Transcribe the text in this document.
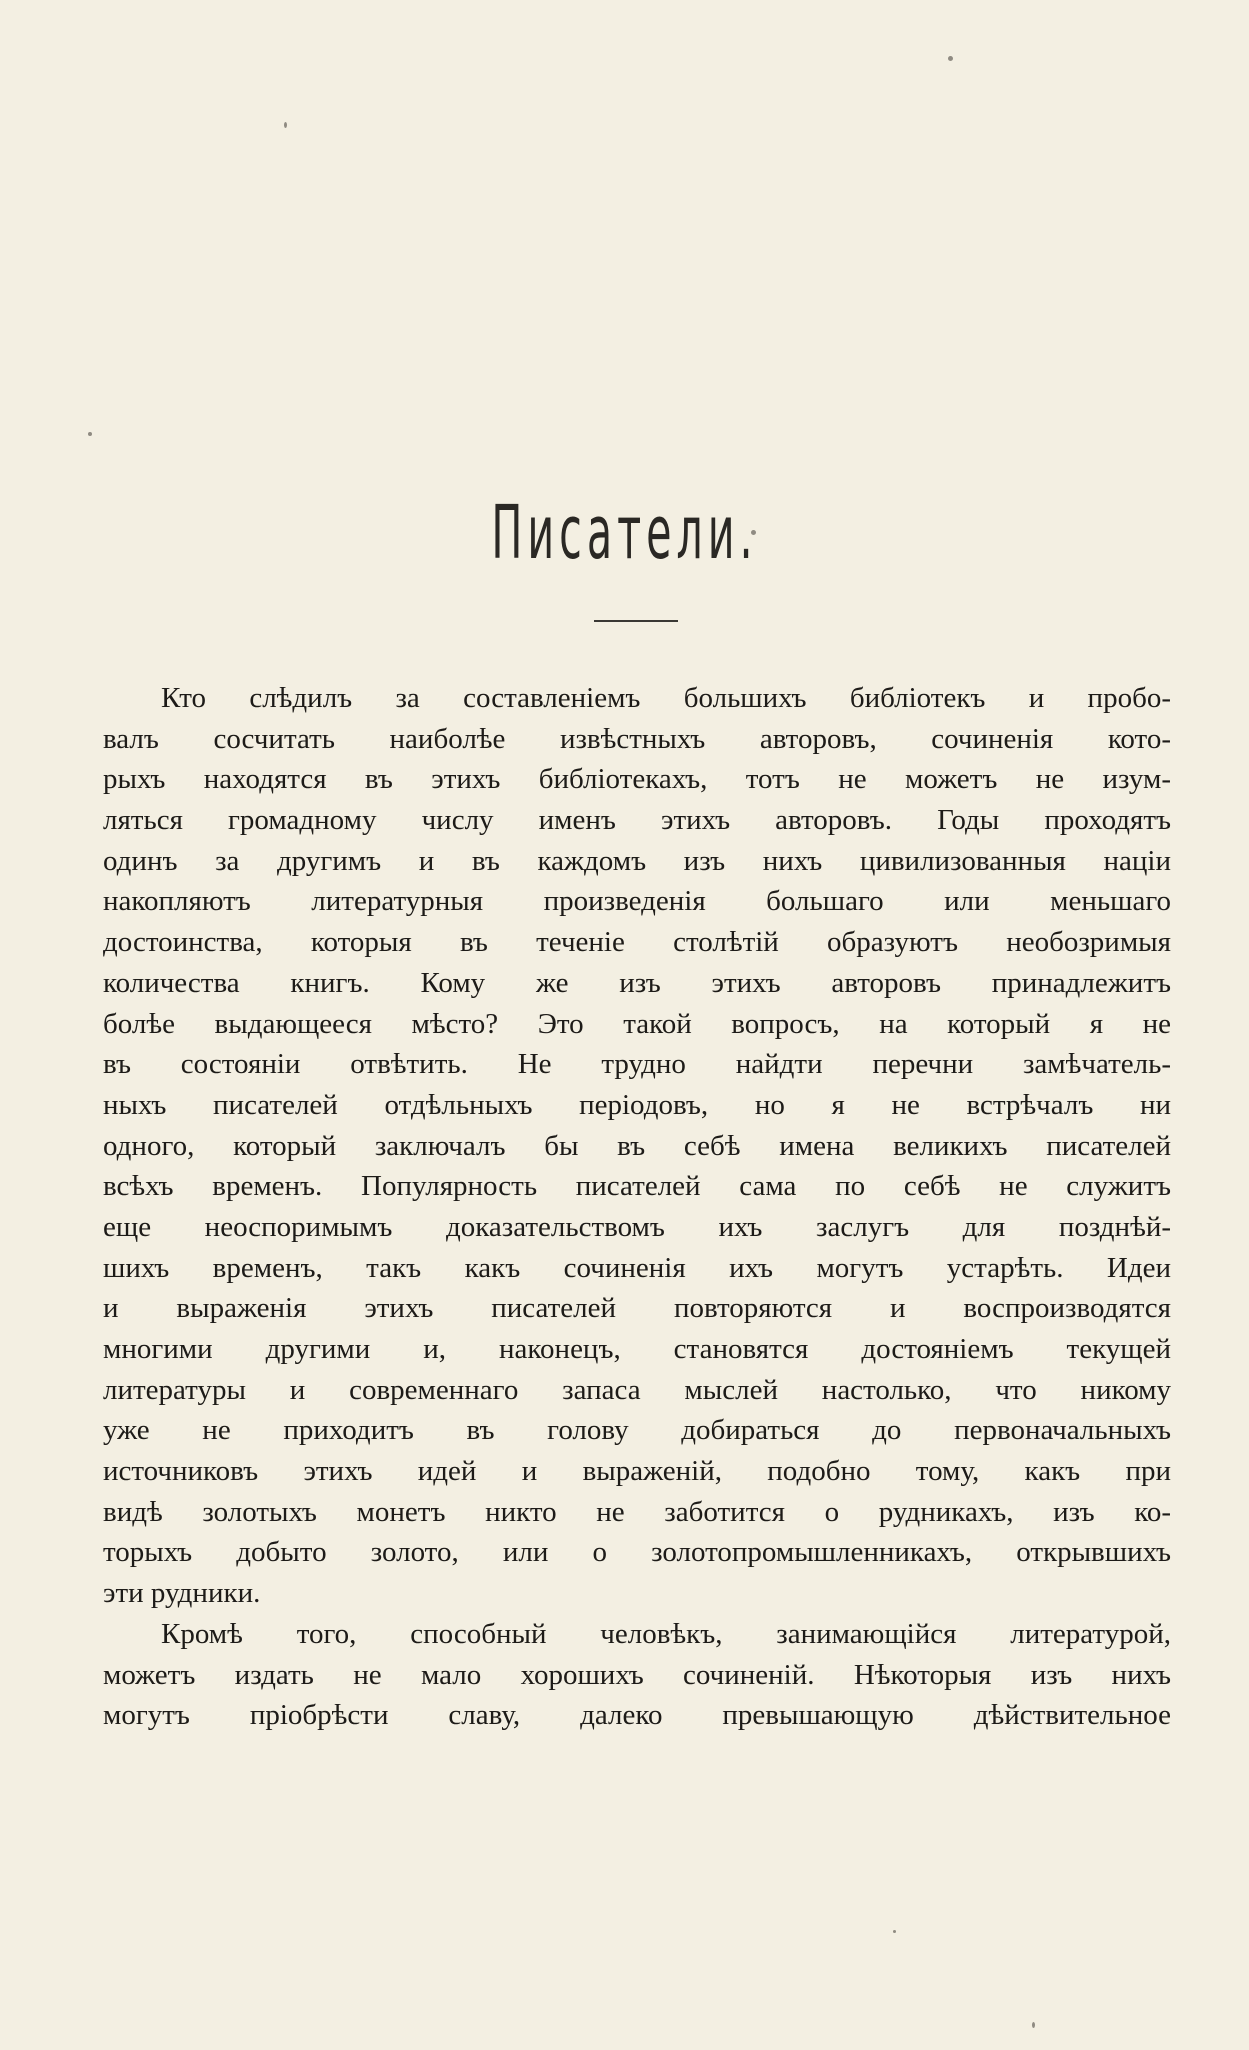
Писатели.
Кто слѣдилъ за составленіемъ большихъ библіотекъ и пробо-
валъ сосчитать наиболѣе извѣстныхъ авторовъ, сочиненія кото-
рыхъ находятся въ этихъ библіотекахъ, тотъ не можетъ не изум-
ляться громадному числу именъ этихъ авторовъ. Годы проходятъ
одинъ за другимъ и въ каждомъ изъ нихъ цивилизованныя націи
накопляютъ литературныя произведенія большаго или меньшаго
достоинства, которыя въ теченіе столѣтій образуютъ необозримыя
количества книгъ. Кому же изъ этихъ авторовъ принадлежитъ
болѣе выдающееся мѣсто? Это такой вопросъ, на который я не
въ состояніи отвѣтить. Не трудно найдти перечни замѣчатель-
ныхъ писателей отдѣльныхъ періодовъ, но я не встрѣчалъ ни
одного, который заключалъ бы въ себѣ имена великихъ писателей
всѣхъ временъ. Популярность писателей сама по себѣ не служитъ
еще неоспоримымъ доказательствомъ ихъ заслугъ для позднѣй-
шихъ временъ, такъ какъ сочиненія ихъ могутъ устарѣть. Идеи
и выраженія этихъ писателей повторяются и воспроизводятся
многими другими и, наконецъ, становятся достояніемъ текущей
литературы и современнаго запаса мыслей настолько, что никому
уже не приходитъ въ голову добираться до первоначальныхъ
источниковъ этихъ идей и выраженій, подобно тому, какъ при
видѣ золотыхъ монетъ никто не заботится о рудникахъ, изъ ко-
торыхъ добыто золото, или о золотопромышленникахъ, открывшихъ
эти рудники.
Кромѣ того, способный человѣкъ, занимающійся литературой,
можетъ издать не мало хорошихъ сочиненій. Нѣкоторыя изъ нихъ
могутъ пріобрѣсти славу, далеко превышающую дѣйствительное
